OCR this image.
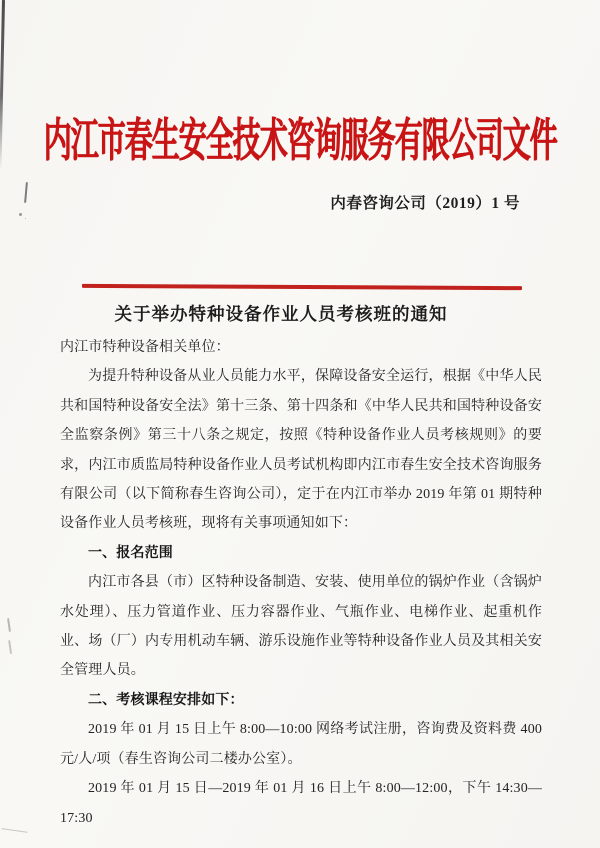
内江市春生安全技术咨询服务有限公司文件
内春咨询公司（2019）1 号
关于举办特种设备作业人员考核班的通知

内江市特种设备相关单位：

为提升特种设备从业人员能力水平，保障设备安全运行，根据《中华人民共和国特种设备安全法》第十三条、第十四条和《中华人民共和国特种设备安全监察条例》第三十八条之规定，按照《特种设备作业人员考核规则》的要求，内江市质监局特种设备作业人员考试机构即内江市春生安全技术咨询服务有限公司（以下简称春生咨询公司），定于在内江市举办 2019 年第 01 期特种设备作业人员考核班，现将有关事项通知如下：

一、报名范围

内江市各县（市）区特种设备制造、安装、使用单位的锅炉作业（含锅炉水处理）、压力管道作业、压力容器作业、气瓶作业、电梯作业、起重机作业、场（厂）内专用机动车辆、游乐设施作业等特种设备作业人员及其相关安全管理人员。

二、考核课程安排如下：

2019 年 01 月 15 日上午 8:00—10:00 网络考试注册，咨询费及资料费 400 元/人/项（春生咨询公司二楼办公室）。

2019 年 01 月 15 日—2019 年 01 月 16 日上午 8:00—12:00，下午 14:30—17:30
